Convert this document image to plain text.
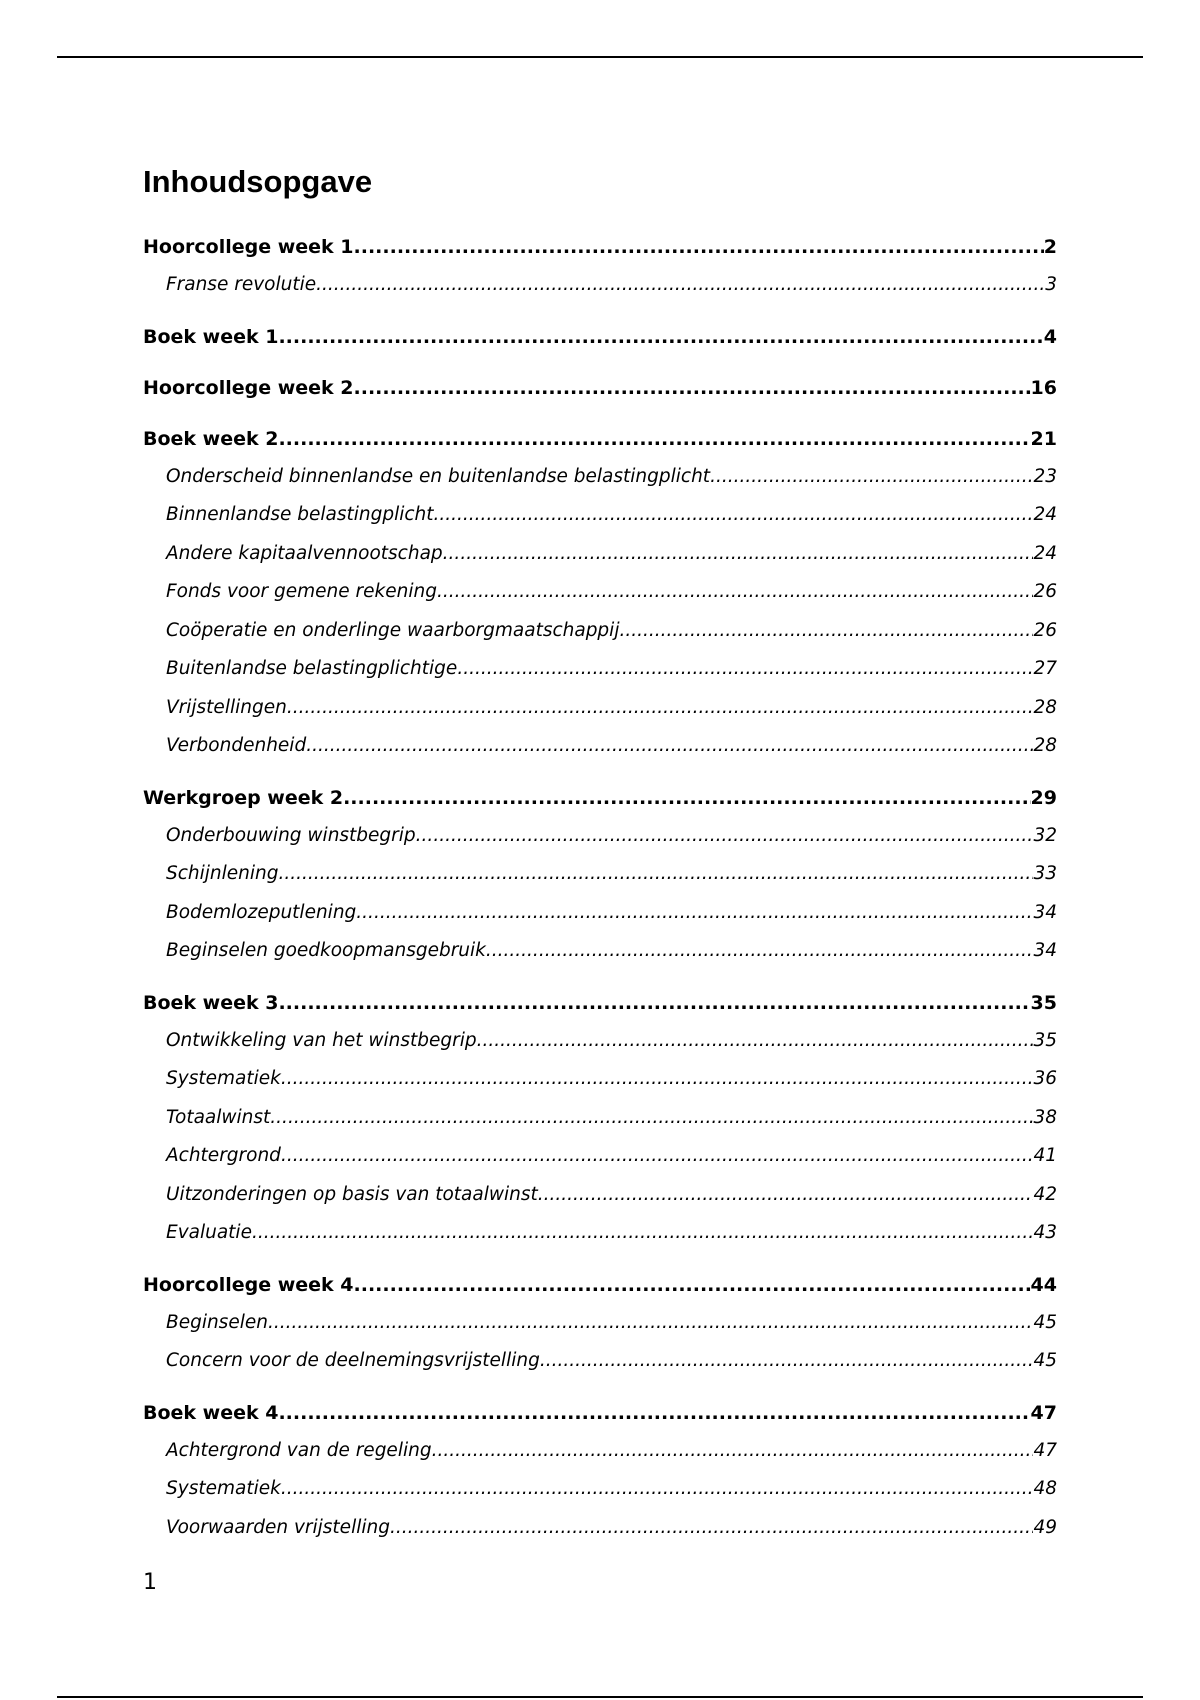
Inhoudsopgave
Hoorcollege week 1 .....	2
Franse revolutie .....	3
Boek week 1 .....	4
Hoorcollege week 2 .....	16
Boek week 2 .....	21
Onderscheid binnenlandse en buitenlandse belastingplicht .....	23
Binnenlandse belastingplicht .....	24
Andere kapitaalvennootschap .....	24
Fonds voor gemene rekening .....	26
Coöperatie en onderlinge waarborgmaatschappij .....	26
Buitenlandse belastingplichtige .....	27
Vrijstellingen .....	28
Verbondenheid .....	28
Werkgroep week 2 .....	29
Onderbouwing winstbegrip .....	32
Schijnlening .....	33
Bodemlozeputlening .....	34
Beginselen goedkoopmansgebruik .....	34
Boek week 3 .....	35
Ontwikkeling van het winstbegrip .....	35
Systematiek .....	36
Totaalwinst .....	38
Achtergrond .....	41
Uitzonderingen op basis van totaalwinst .....	42
Evaluatie .....	43
Hoorcollege week 4 .....	44
Beginselen .....	45
Concern voor de deelnemingsvrijstelling .....	45
Boek week 4 .....	47
Achtergrond van de regeling .....	47
Systematiek .....	48
Voorwaarden vrijstelling .....	49
1
